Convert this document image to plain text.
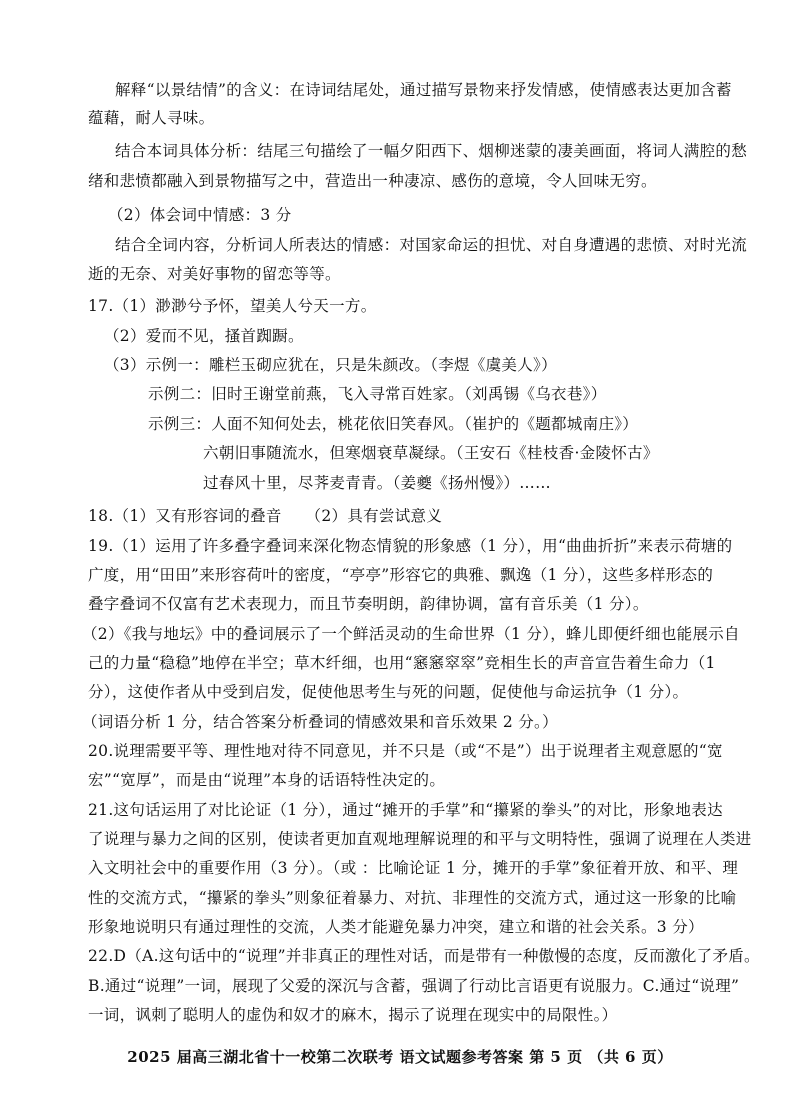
解释“以景结情”的含义：在诗词结尾处，通过描写景物来抒发情感，使情感表达更加含蓄
蕴藉，耐人寻味。
结合本词具体分析：结尾三句描绘了一幅夕阳西下、烟柳迷蒙的凄美画面，将词人满腔的愁
绪和悲愤都融入到景物描写之中，营造出一种凄凉、感伤的意境，令人回味无穷。
（2）体会词中情感：3 分
结合全词内容，分析词人所表达的情感：对国家命运的担忧、对自身遭遇的悲愤、对时光流
逝的无奈、对美好事物的留恋等等。
17.（1）渺渺兮予怀，望美人兮天一方。
（2）爱而不见，搔首踟蹰。
（3）示例一：雕栏玉砌应犹在，只是朱颜改。（李煜《虞美人》）
示例二：旧时王谢堂前燕，飞入寻常百姓家。（刘禹锡《乌衣巷》）
示例三：人面不知何处去，桃花依旧笑春风。（崔护的《题都城南庄》）
六朝旧事随流水，但寒烟衰草凝绿。（王安石《桂枝香·金陵怀古》
过春风十里，尽荠麦青青。（姜夔《扬州慢》）……
18.（1）又有形容词的叠音　　（2）具有尝试意义
19.（1）运用了许多叠字叠词来深化物态情貌的形象感（1 分），用“曲曲折折”来表示荷塘的
广度，用“田田”来形容荷叶的密度，“亭亭”形容它的典雅、飘逸（1 分），这些多样形态的
叠字叠词不仅富有艺术表现力，而且节奏明朗，韵律协调，富有音乐美（1 分）。
（2）《我与地坛》中的叠词展示了一个鲜活灵动的生命世界（1 分），蜂儿即便纤细也能展示自
己的力量“稳稳”地停在半空；草木纤细，也用“窸窸窣窣”竞相生长的声音宣告着生命力（1
分），这使作者从中受到启发，促使他思考生与死的问题，促使他与命运抗争（1 分）。
（词语分析 1 分，结合答案分析叠词的情感效果和音乐效果 2 分。）
20.说理需要平等、理性地对待不同意见，并不只是（或“不是”）出于说理者主观意愿的“宽
宏”“宽厚”，而是由“说理”本身的话语特性决定的。
21.这句话运用了对比论证（1 分），通过“摊开的手掌”和“攥紧的拳头”的对比，形象地表达
了说理与暴力之间的区别，使读者更加直观地理解说理的和平与文明特性，强调了说理在人类进
入文明社会中的重要作用（3 分）。（或 ：比喻论证 1 分，摊开的手掌”象征着开放、和平、理
性的交流方式，“攥紧的拳头”则象征着暴力、对抗、非理性的交流方式，通过这一形象的比喻
形象地说明只有通过理性的交流，人类才能避免暴力冲突，建立和谐的社会关系。3 分）
22.D（A.这句话中的“说理”并非真正的理性对话，而是带有一种傲慢的态度，反而激化了矛盾。
B.通过“说理”一词，展现了父爱的深沉与含蓄，强调了行动比言语更有说服力。C.通过“说理”
一词，讽刺了聪明人的虚伪和奴才的麻木，揭示了说理在现实中的局限性。）
2025 届高三湖北省十一校第二次联考 语文试题参考答案 第 5 页 （共 6 页）
